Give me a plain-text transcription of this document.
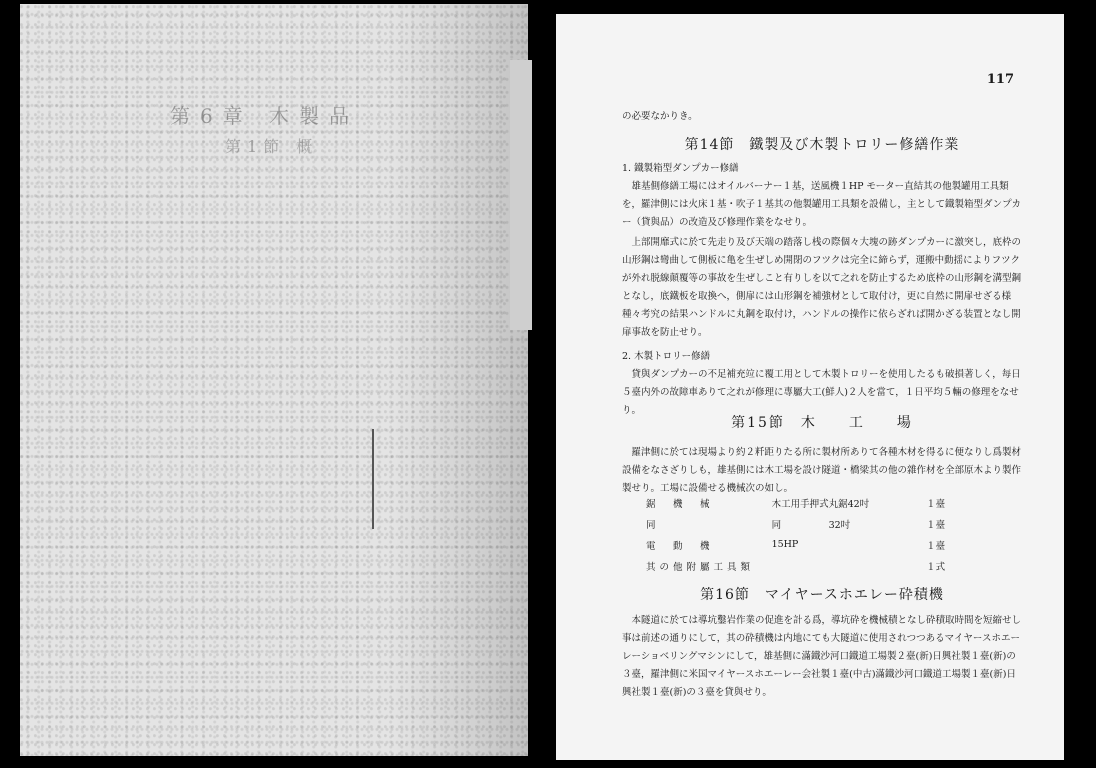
第6章 木製品
第1節 概
117
の必要なかりき。
第14節　鐵製及び木製トロリー修繕作業
1. 鐵製箱型ダンプカー修繕
雄基側修繕工場にはオイルバーナー１基，送風機１HP モーター直結其の他製罐用工具類を，羅津側には火床１基・吹子１基其の他製罐用工具類を設備し，主として鐵製箱型ダンプカー（貸與品）の改造及び修理作業をなせり。
上部開靡式に於て先走り及び天端の踏落し桟の際個々大塊の跡ダンプカーに激突し，底枠の山形鋼は彎曲して側板に亀を生ぜしめ開閉のフツクは完全に締らず，運搬中動揺によりフツクが外れ脱線顛覆等の事故を生ぜしこと有りしを以て之れを防止するため底枠の山形鋼を溝型鋼となし，底鐵板を取換へ，側扉には山形鋼を補強材として取付け，更に自然に開扉せざる様種々考究の結果ハンドルに丸鋼を取付け，ハンドルの操作に依らざれば開かざる装置となし開扉事故を防止せり。
2. 木製トロリー修繕
貸與ダンプカーの不足補充竝に覆工用として木製トロリーを使用したるも破損著しく，每日５臺内外の故障車ありて之れが修理に專屬大工(鮮人)２人を當て，１日平均５輛の修理をなせり。
第15節　木　　工　　場
羅津側に於ては現場より約２粁距りたる所に製材所ありて各種木材を得るに便なりし爲製材設備をなさざりしも，雄基側には木工場を設け隧道・橋梁其の他の雜作材を全部原木より製作製せり。工場に設備せる機械次の如し。
鋸　機　械	木工用手押式丸鋸42吋	１臺
同	同　　　　　32吋	１臺
電　動　機	15HP	１臺
其の他附屬工具類		１式
第16節　マイヤースホエレー砕積機
本隧道に於ては導坑鑿岩作業の促進を計る爲，導坑砕を機械積となし砕積取時間を短縮せし事は前述の通りにして，其の砕積機は内地にても大隧道に使用されつつあるマイヤースホエーレーショベリングマシンにして，雄基側に滿鐵沙河口鐵道工場製２臺(新)日興社製１臺(新)の３臺，羅津側に米国マイヤースホエーレー会社製１臺(中古)滿鐵沙河口鐵道工場製１臺(新)日興社製１臺(新)の３臺を貸與せり。
